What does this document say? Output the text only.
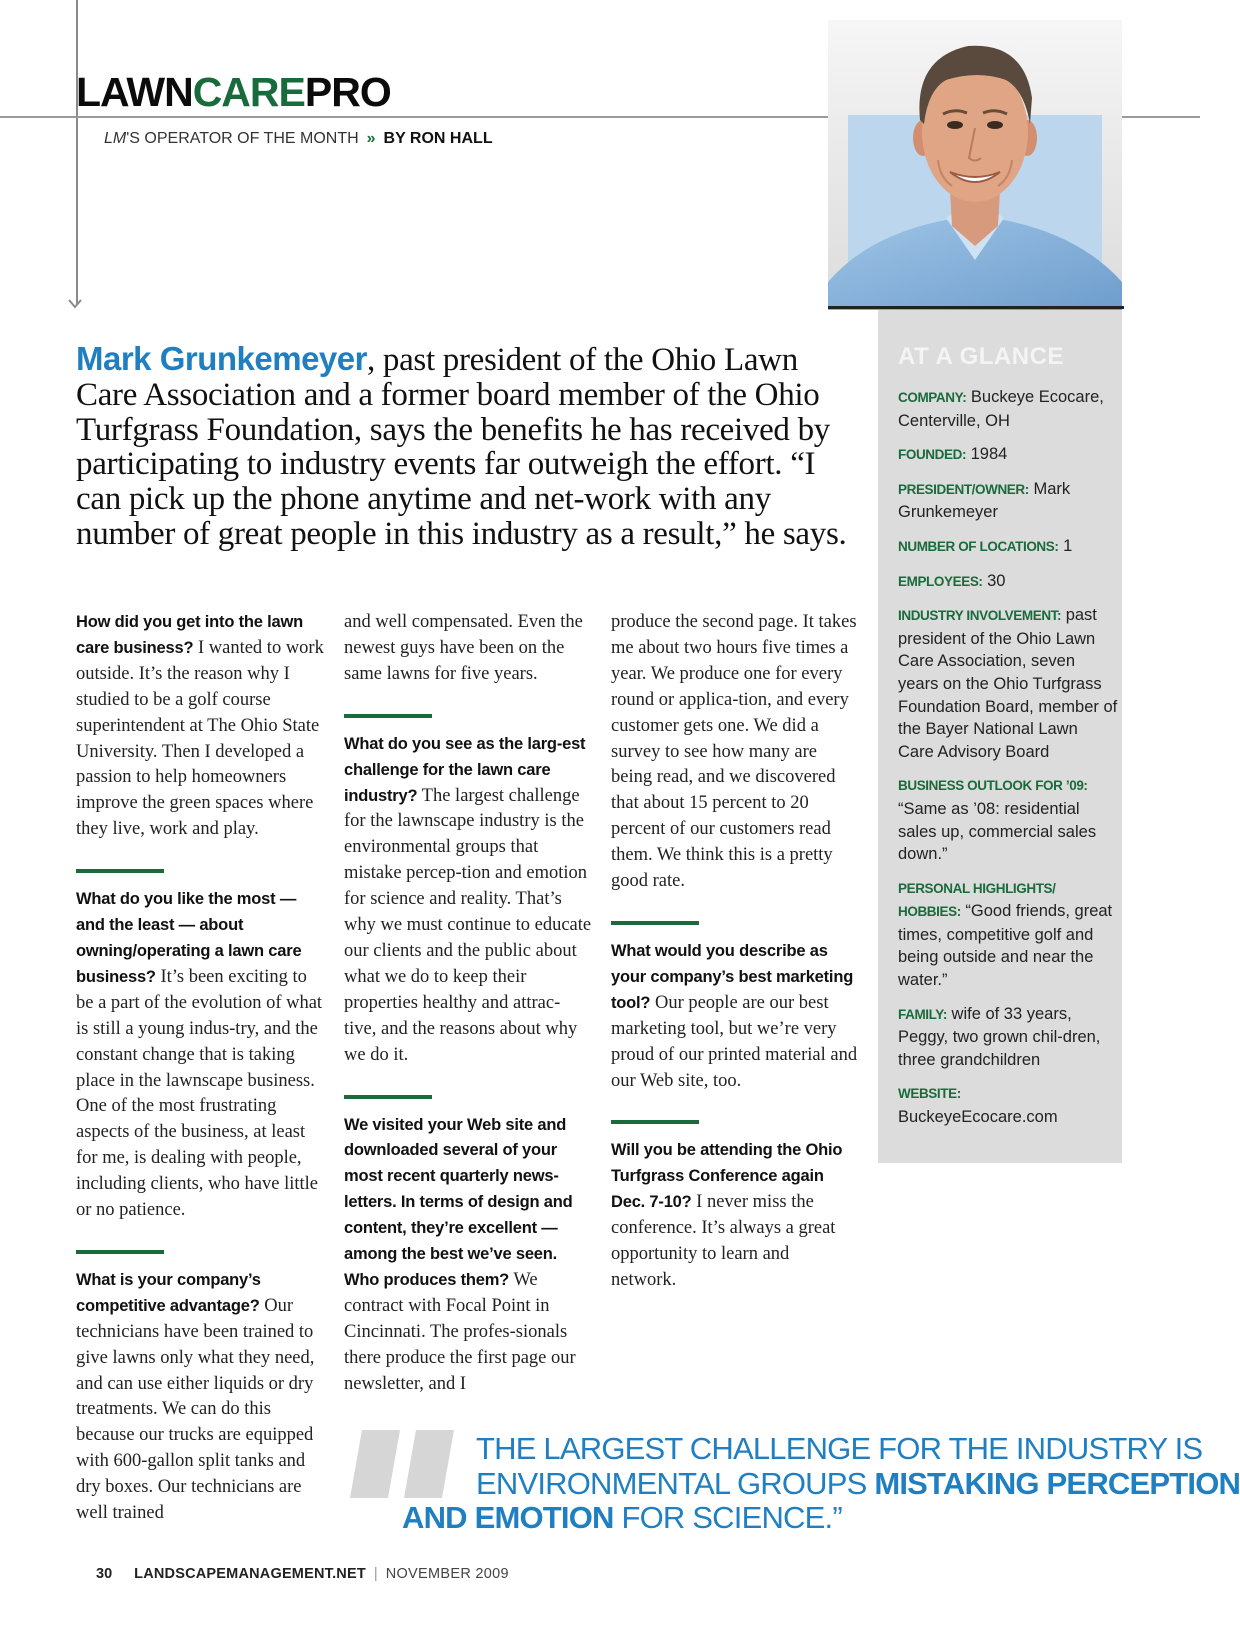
LAWNCAREPRO
LM'S OPERATOR OF THE MONTH » BY RON HALL
Mark Grunkemeyer, past president of the Ohio Lawn Care Association and a former board member of the Ohio Turfgrass Foundation, says the benefits he has received by participating to industry events far outweigh the effort. “I can pick up the phone anytime and net-work with any number of great people in this industry as a result,” he says.

How did you get into the lawn care business? I wanted to work outside. It’s the reason why I studied to be a golf course superintendent at The Ohio State University. Then I developed a passion to help homeowners improve the green spaces where they live, work and play.

What do you like the most — and the least — about owning/operating a lawn care business? It’s been exciting to be a part of the evolution of what is still a young indus-try, and the constant change that is taking place in the lawnscape business. One of the most frustrating aspects of the business, at least for me, is dealing with people, including clients, who have little or no patience.

What is your company’s competitive advantage? Our technicians have been trained to give lawns only what they need, and can use either liquids or dry treatments. We can do this because our trucks are equipped with 600-gallon split tanks and dry boxes. Our technicians are well trained

and well compensated. Even the newest guys have been on the same lawns for five years.

What do you see as the larg-est challenge for the lawn care industry? The largest challenge for the lawnscape industry is the environmental groups that mistake percep-tion and emotion for science and reality. That’s why we must continue to educate our clients and the public about what we do to keep their properties healthy and attrac-tive, and the reasons about why we do it.

We visited your Web site and downloaded several of your most recent quarterly news-letters. In terms of design and content, they’re excellent — among the best we’ve seen. Who produces them? We contract with Focal Point in Cincinnati. The profes-sionals there produce the first page our newsletter, and I

produce the second page. It takes me about two hours five times a year. We produce one for every round or applica-tion, and every customer gets one. We did a survey to see how many are being read, and we discovered that about 15 percent to 20 percent of our customers read them. We think this is a pretty good rate.

What would you describe as your company’s best marketing tool? Our people are our best marketing tool, but we’re very proud of our printed material and our Web site, too.

Will you be attending the Ohio Turfgrass Conference again Dec. 7-10? I never miss the conference. It’s always a great opportunity to learn and network.

AT A GLANCE
COMPANY: Buckeye Ecocare, Centerville, OH
FOUNDED: 1984
PRESIDENT/OWNER: Mark Grunkemeyer
NUMBER OF LOCATIONS: 1
EMPLOYEES: 30
INDUSTRY INVOLVEMENT: past president of the Ohio Lawn Care Association, seven years on the Ohio Turfgrass Foundation Board, member of the Bayer National Lawn Care Advisory Board
BUSINESS OUTLOOK FOR ’09: “Same as ’08: residential sales up, commercial sales down.”
PERSONAL HIGHLIGHTS/ HOBBIES: “Good friends, great times, competitive golf and being outside and near the water.”
FAMILY: wife of 33 years, Peggy, two grown chil-dren, three grandchildren
WEBSITE:
BuckeyeEcocare.com
THE LARGEST CHALLENGE FOR THE INDUSTRY IS
ENVIRONMENTAL GROUPS MISTAKING PERCEPTION
AND EMOTION FOR SCIENCE.”
30 LANDSCAPEMANAGEMENT.NET | NOVEMBER 2009
